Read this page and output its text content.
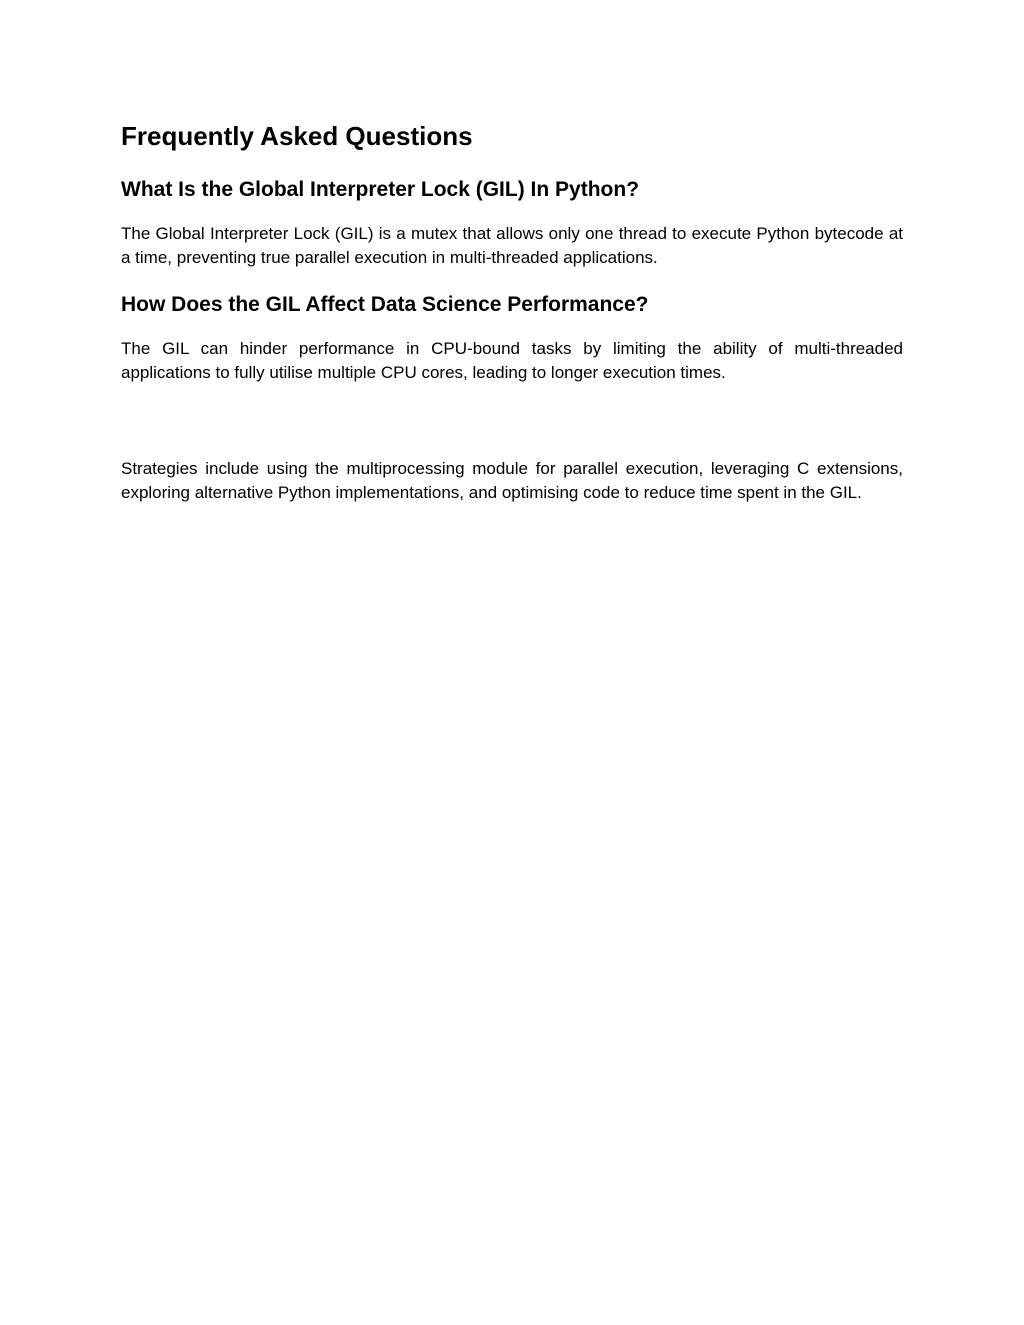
Frequently Asked Questions
What Is the Global Interpreter Lock (GIL) In Python?

The Global Interpreter Lock (GIL) is a mutex that allows only one thread to execute Python bytecode at a time, preventing true parallel execution in multi-threaded applications.

How Does the GIL Affect Data Science Performance?

The GIL can hinder performance in CPU-bound tasks by limiting the ability of multi-threaded applications to fully utilise multiple CPU cores, leading to longer execution times.

Strategies include using the multiprocessing module for parallel execution, leveraging C extensions, exploring alternative Python implementations, and optimising code to reduce time spent in the GIL.
